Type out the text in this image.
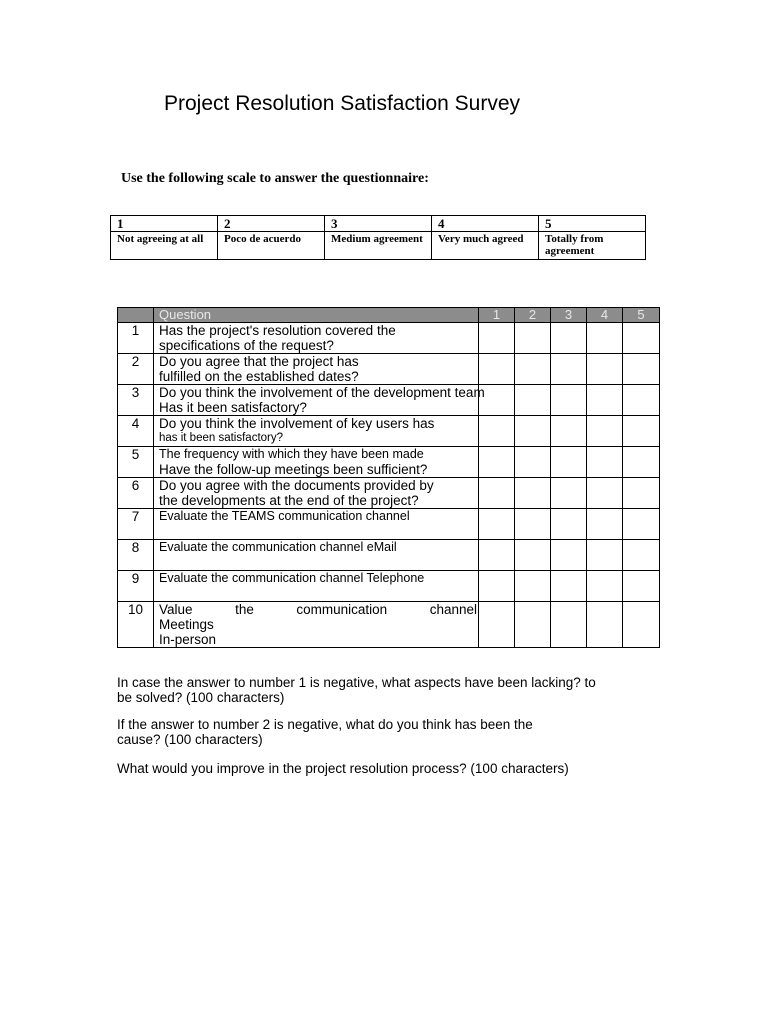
Project Resolution Satisfaction Survey
Use the following scale to answer the questionnaire:
1	2	3	4	5
Not agreeing at all	Poco de acuerdo	Medium agreement	Very much agreed	Totally from agreement
	Question	1	2	3	4	5
1	Has the project's resolution covered the
specifications of the request?					

2	Do you agree that the project has
fulfilled on the established dates?					

3	Do you think the involvement of the development team
Has it been satisfactory?					

4	Do you think the involvement of key users has
has it been satisfactory?					

5	The frequency with which they have been made
Have the follow-up meetings been sufficient?					

6	Do you agree with the documents provided by
the developments at the end of the project?					

7	Evaluate the TEAMS communication channel					

8	Evaluate the communication channel eMail					

9	Evaluate the communication channel Telephone					

10	Value the communication channel Meetings
In-person					

In case the answer to number 1 is negative, what aspects have been lacking? to be solved? (100 characters)
If the answer to number 2 is negative, what do you think has been the cause? (100 characters)
What would you improve in the project resolution process? (100 characters)
